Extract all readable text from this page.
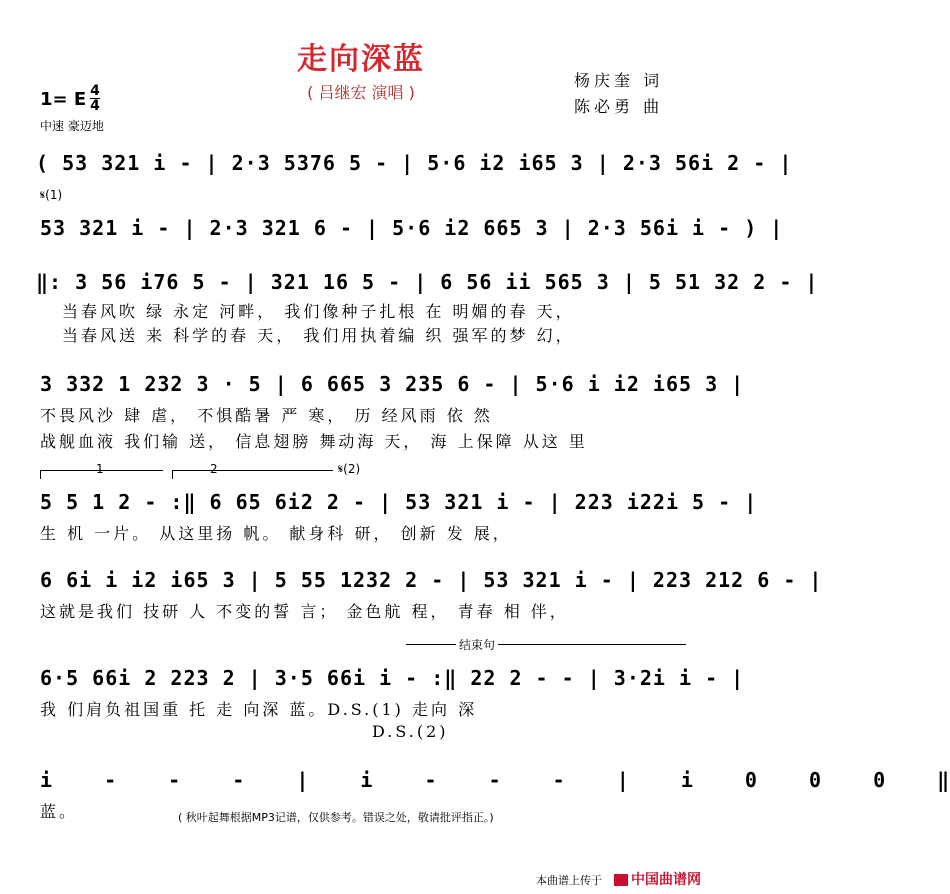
走向深蓝
( 吕继宏 演唱 )
杨庆奎 词
陈必勇 曲
1= E 4
4
中速 豪迈地
( 53 321 i - | 2·3 5376 5 - | 5·6 i2 i65 3 | 2·3 56i 2 - |
𝄋(1)
53 321 i - | 2·3 321 6 - | 5·6 i2 665 3 | 2·3 56i i - ) |
‖: 3 56 i76 5 - | 321 16 5 - | 6 56 ii 565 3 | 5 51 32 2 - |
当春风吹 绿 永定 河畔， 我们像种子扎根 在 明媚的春 天，
当春风送 来 科学的春 天， 我们用执着编 织 强军的梦 幻，
3 332 1 232 3 · 5 | 6 665 3 235 6 - | 5·6 i i2 i65 3 |
不畏风沙 肆 虐， 不惧酷暑 严 寒， 历 经风雨 依 然
战舰血液 我们输 送， 信息翅膀 舞动海 天， 海 上保障 从这 里
1	2	𝄋(2)
5 5 1 2 - :‖ 6 65 6i2 2 - | 53 321 i - | 223 i22i 5 - |
生 机 一片。 从这里扬 帆。 献身科 研， 创新 发 展，
6 6i i i2 i65 3 | 5 55 1232 2 - | 53 321 i - | 223 212 6 - |
这就是我们 技研 人 不变的誓 言； 金色航 程， 青春 相 伴，
结束句
6·5 66i 2 223 2 | 3·5 66i i - :‖ 22 2 - - | 3·2i i - |
我 们肩负祖国重 托 走 向深 蓝。D.S.(1) 走向 深
D.S.(2)
i - - - | i - - - | i 0 0 0 ‖
蓝。	( 秋叶起舞根据MP3记谱，仅供参考。错误之处，敬请批评指正。)
本曲谱上传于	中国曲谱网
